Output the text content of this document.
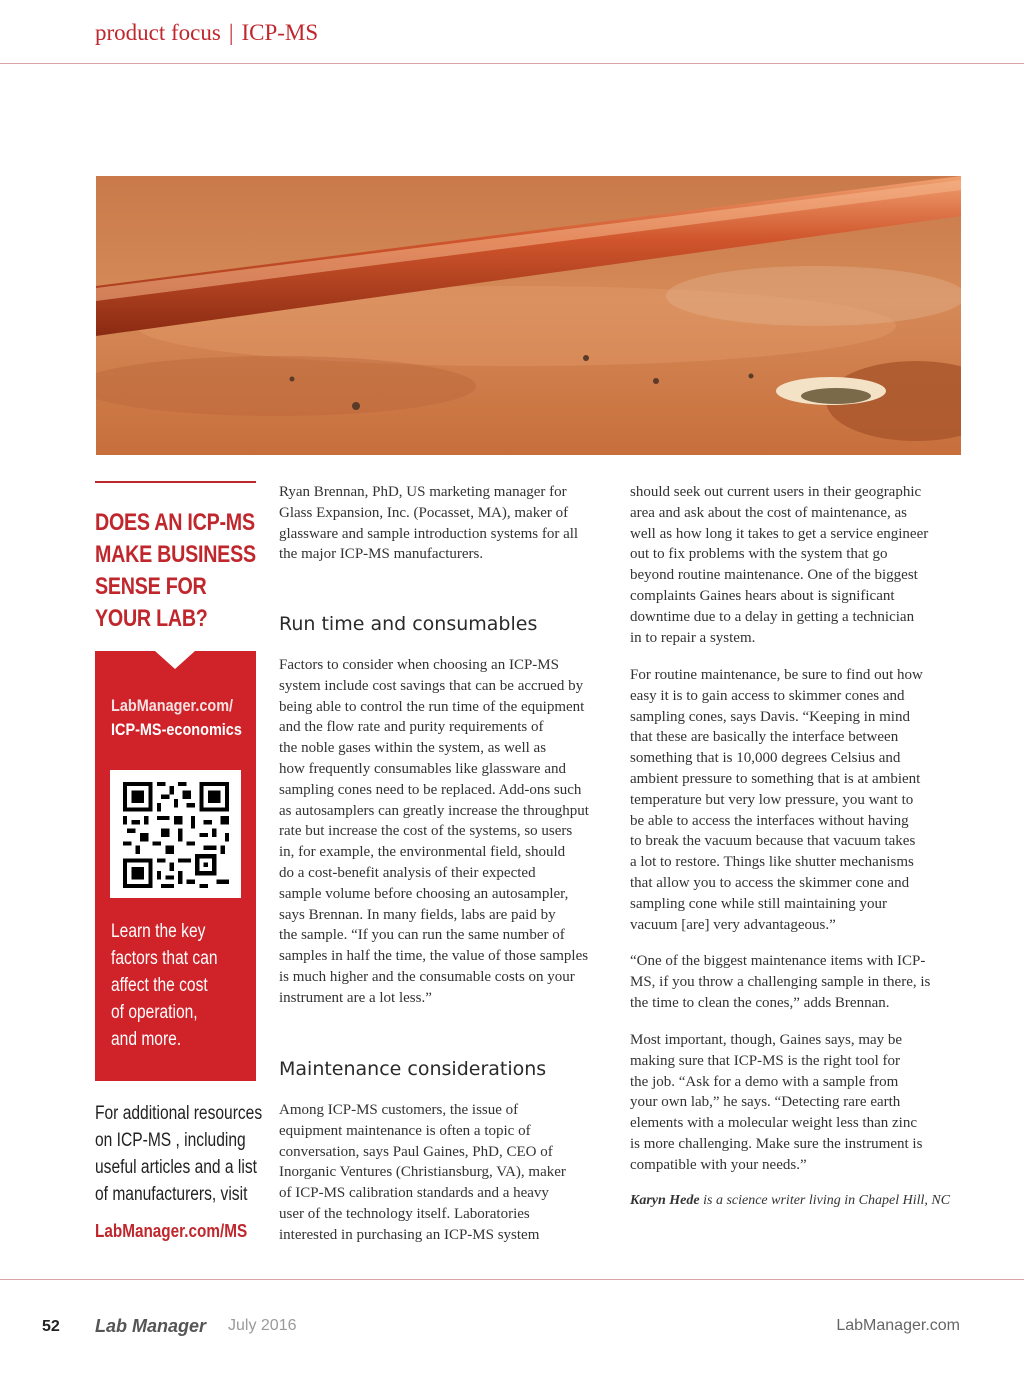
product focus | ICP-MS
DOES AN ICP-MS
MAKE BUSINESS
SENSE FOR
YOUR LAB?
LabManager.com/
ICP-MS-economics
Learn the key
factors that can
affect the cost
of operation,
and more.
For additional resources
on ICP-MS , including
useful articles and a list
of manufacturers, visit
LabManager.com/MS
Ryan Brennan, PhD, US marketing manager for
Glass Expansion, Inc. (Pocasset, MA), maker of
glassware and sample introduction systems for all
the major ICP-MS manufacturers.
Run time and consumables
Factors to consider when choosing an ICP-MS
system include cost savings that can be accrued by
being able to control the run time of the equipment
and the flow rate and purity requirements of
the noble gases within the system, as well as
how frequently consumables like glassware and
sampling cones need to be replaced. Add-ons such
as autosamplers can greatly increase the throughput
rate but increase the cost of the systems, so users
in, for example, the environmental field, should
do a cost-benefit analysis of their expected
sample volume before choosing an autosampler,
says Brennan. In many fields, labs are paid by
the sample. “If you can run the same number of
samples in half the time, the value of those samples
is much higher and the consumable costs on your
instrument are a lot less.”
Maintenance considerations
Among ICP-MS customers, the issue of
equipment maintenance is often a topic of
conversation, says Paul Gaines, PhD, CEO of
Inorganic Ventures (Christiansburg, VA), maker
of ICP-MS calibration standards and a heavy
user of the technology itself. Laboratories
interested in purchasing an ICP-MS system
should seek out current users in their geographic
area and ask about the cost of maintenance, as
well as how long it takes to get a service engineer
out to fix problems with the system that go
beyond routine maintenance. One of the biggest
complaints Gaines hears about is significant
downtime due to a delay in getting a technician
in to repair a system.
For routine maintenance, be sure to find out how
easy it is to gain access to skimmer cones and
sampling cones, says Davis. “Keeping in mind
that these are basically the interface between
something that is 10,000 degrees Celsius and
ambient pressure to something that is at ambient
temperature but very low pressure, you want to
be able to access the interfaces without having
to break the vacuum because that vacuum takes
a lot to restore. Things like shutter mechanisms
that allow you to access the skimmer cone and
sampling cone while still maintaining your
vacuum [are] very advantageous.”
“One of the biggest maintenance items with ICP-
MS, if you throw a challenging sample in there, is
the time to clean the cones,” adds Brennan.
Most important, though, Gaines says, may be
making sure that ICP-MS is the right tool for
the job. “Ask for a demo with a sample from
your own lab,” he says. “Detecting rare earth
elements with a molecular weight less than zinc
is more challenging. Make sure the instrument is
compatible with your needs.”
Karyn Hede is a science writer living in Chapel Hill, NC
52 Lab Manager July 2016	LabManager.com
